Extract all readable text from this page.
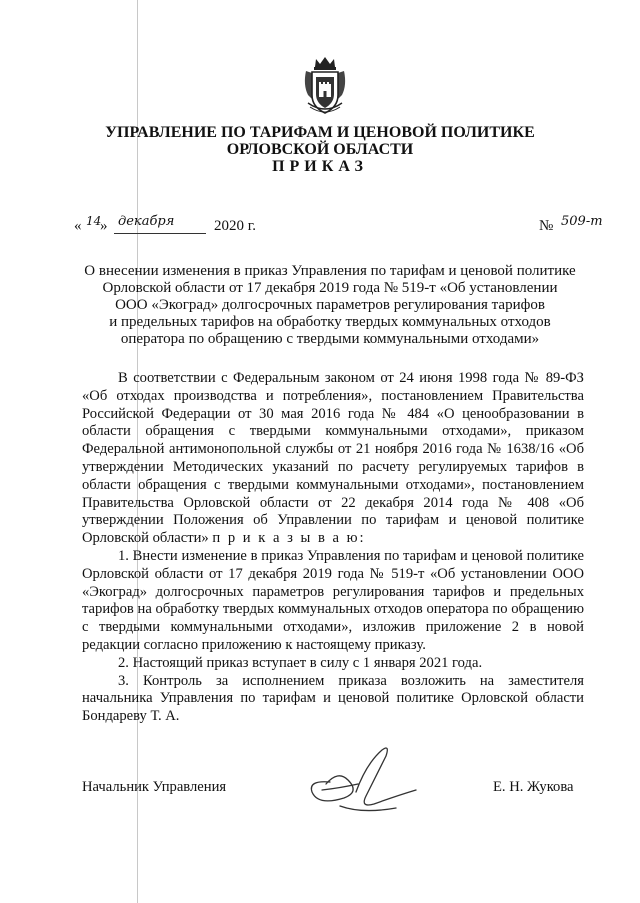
УПРАВЛЕНИЕ ПО ТАРИФАМ И ЦЕНОВОЙ ПОЛИТИКЕ
ОРЛОВСКОЙ ОБЛАСТИ
ПРИКАЗ
« 14
» декабря	2020 г.	№ 509-т
О внесении изменения в приказ Управления по тарифам и ценовой политике
Орловской области от 17 декабря 2019 года № 519-т «Об установлении
ООО «Экоград» долгосрочных параметров регулирования тарифов
и предельных тарифов на обработку твердых коммунальных отходов
оператора по обращению с твердыми коммунальными отходами»

В соответствии с Федеральным законом от 24 июня 1998 года № 89-ФЗ «Об отходах производства и потребления», постановлением Правительства Российской Федерации от 30 мая 2016 года № 484 «О ценообразовании в области обращения с твердыми коммунальными отходами», приказом Федеральной антимонопольной службы от 21 ноября 2016 года № 1638/16 «Об утверждении Методических указаний по расчету регулируемых тарифов в области обращения с твердыми коммунальными отходами», постановлением Правительства Орловской области от 22 декабря 2014 года № 408 «Об утверждении Положения об Управлении по тарифам и ценовой политике Орловской области» п р и к а з ы в а ю:

1. Внести изменение в приказ Управления по тарифам и ценовой политике Орловской области от 17 декабря 2019 года № 519-т «Об установлении ООО «Экоград» долгосрочных параметров регулирования тарифов и предельных тарифов на обработку твердых коммунальных отходов оператора по обращению с твердыми коммунальными отходами», изложив приложение 2 в новой редакции согласно приложению к настоящему приказу.

2. Настоящий приказ вступает в силу с 1 января 2021 года.

3. Контроль за исполнением приказа возложить на заместителя начальника Управления по тарифам и ценовой политике Орловской области Бондареву Т. А.

Начальник Управления	Е. Н. Жукова
